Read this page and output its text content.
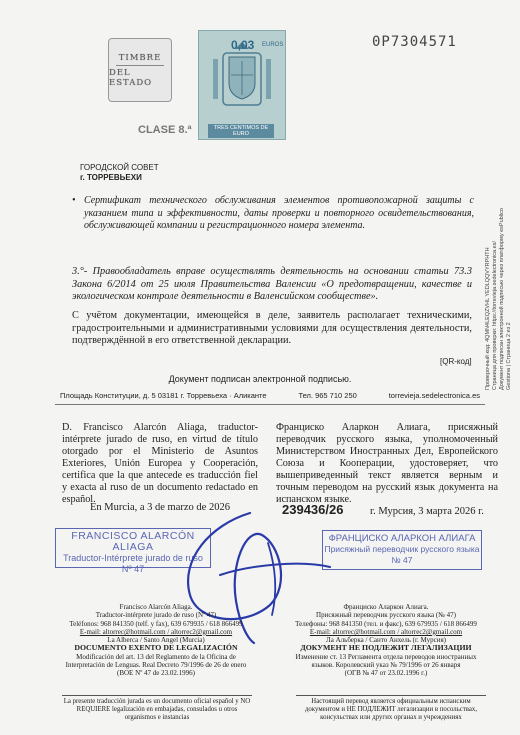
TIMBRE
DEL ESTADO
0,03 EUROS
TRES CENTIMOS DE EURO
0P7304571
CLASE 8.ª
ГОРОДСКОЙ СОВЕТ
г. ТОРРЕВЬЕХИ
Проверочный код: 4QMN4LEQZVHL YEDLQQVYRPHTH
Страница для проверки: https://torrevieja.sedelectronica.es/
Документ подписан электронной подписью через платформу esPublico
Gestiona | Страница 2 из 2
• Сертификат технического обслуживания элементов противопожарной защиты с указанием типа и эффективности, даты проверки и повторного освидетельствования, обслуживающей компании и регистрационного номера элемента.
3.°- Правообладатель вправе осуществлять деятельность на основании статьи 73.3 Закона 6/2014 от 25 июля Правительства Валенсии «О предотвращении, качестве и экологическом контроле деятельности в Валенсийском сообществе».
С учётом документации, имеющейся в деле, заявитель располагает техническими, градостроительными и административными условиями для осуществления деятельности, подтверждённой в его ответственной декларации.
[QR-код]
Документ подписан электронной подписью.
Площадь Конституции, д. 5 03181 г. Торревьеха · Аликанте	Тел. 965 710 250	torrevieja.sedelectronica.es
D. Francisco Alarcón Aliaga, traductor-intérprete jurado de ruso, en virtud de título otorgado por el Ministerio de Asuntos Exteriores, Unión Europea y Cooperación, certifica que la que antecede es traducción fiel y exacta al ruso de un documento redactado en español.
Франциско Аларкон Алиага, присяжный переводчик русского языка, уполномоченный Министерством Иностранных Дел, Европейского Союза и Кооперации, удостоверяет, что вышеприведенный текст является верным и точным переводом на русский язык документа на испанском языке.
En Murcia, a 3 de marzo de 2026	239436/26	г. Мурсия, 3 марта 2026 г.
FRANCISCO ALARCÓN ALIAGA
Traductor-Intérprete jurado de ruso
Nº 47
ФРАНЦИСКО АЛАРКОН АЛИАГА
Присяжный переводчик русского языка
№ 47
Francisco Alarcón Aliaga.
Traductor-intérprete jurado de ruso (Nº 47)
Teléfonos: 968 841350 (telf. y fax), 639 679935 / 618 866499
E-mail: altorrec@hotmail.com / altorrec2@gmail.com
La Alberca / Santo Angel (Murcia)
DOCUMENTO EXENTO DE LEGALIZACIÓN
Modificación del art. 13 del Reglamento de la Oficina de Interpretación de Lenguas. Real Decreto 79/1996 de 26 de enero
(BOE Nº 47 de 23.02.1996)
Франциско Аларкон Алиага.
Присяжный переводчик русского языка (№ 47)
Телефоны: 968 841350 (тел. и факс), 639 679935 / 618 866499
E-mail: altorrec@hotmail.com / altorrec2@gmail.com
Ла Альберка / Санто Анхель (г. Мурсия)
ДОКУМЕНТ НЕ ПОДЛЕЖИТ ЛЕГАЛИЗАЦИИ
Изменение ст. 13 Регламента отдела переводов иностранных языков. Королевский указ № 79/1996 от 26 января
(ОГВ № 47 от 23.02.1996 г.)
La presente traducción jurada es un documento oficial español y NO REQUIERE legalización en embajadas, consulados u otros organismos e instancias
Настоящий перевод является официальным испанским документом и НЕ ПОДЛЕЖИТ легализации в посольствах, консульствах или других органах и учреждениях
